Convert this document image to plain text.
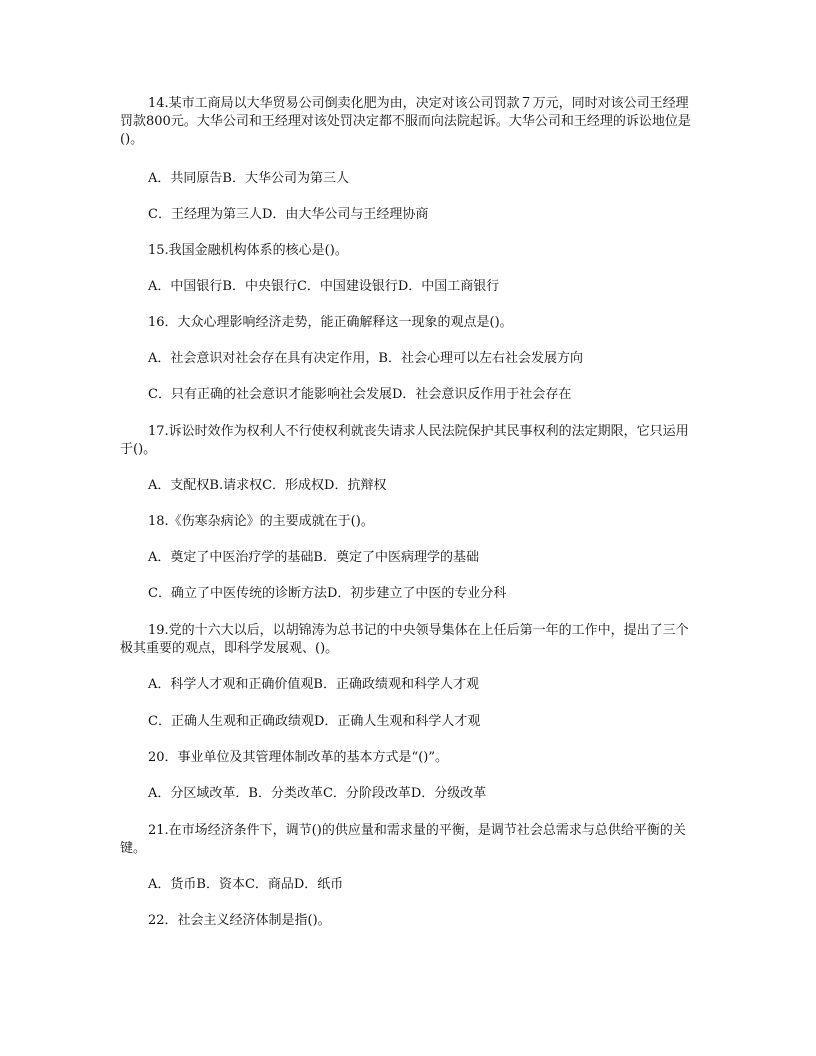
14.某市工商局以大华贸易公司倒卖化肥为由，决定对该公司罚款７万元，同时对该公司王经理罚款800元。大华公司和王经理对该处罚决定都不服而向法院起诉。大华公司和王经理的诉讼地位是()。
A．共同原告B．大华公司为第三人
C．王经理为第三人D．由大华公司与王经理协商
15.我国金融机构体系的核心是()。
A．中国银行B．中央银行C．中国建设银行D．中国工商银行
16．大众心理影响经济走势，能正确解释这一现象的观点是()。
A．社会意识对社会存在具有决定作用，B．社会心理可以左右社会发展方向
C．只有正确的社会意识才能影响社会发展D．社会意识反作用于社会存在
17.诉讼时效作为权利人不行使权利就丧失请求人民法院保护其民事权利的法定期限，它只运用于()。
A．支配权B.请求权C．形成权D．抗辩权
18.《伤寒杂病论》的主要成就在于()。
A．奠定了中医治疗学的基础B．奠定了中医病理学的基础
C．确立了中医传统的诊断方法D．初步建立了中医的专业分科
19.党的十六大以后，以胡锦涛为总书记的中央领导集体在上任后第一年的工作中，提出了三个极其重要的观点，即科学发展观、()。
A．科学人才观和正确价值观B．正确政绩观和科学人才观
C．正确人生观和正确政绩观D．正确人生观和科学人才观
20．事业单位及其管理体制改革的基本方式是“()”。
A．分区域改革．B．分类改革C．分阶段改革D．分级改革
21.在市场经济条件下，调节()的供应量和需求量的平衡，是调节社会总需求与总供给平衡的关键。
A．货币B．资本C．商品D．纸币
22．社会主义经济体制是指()。
